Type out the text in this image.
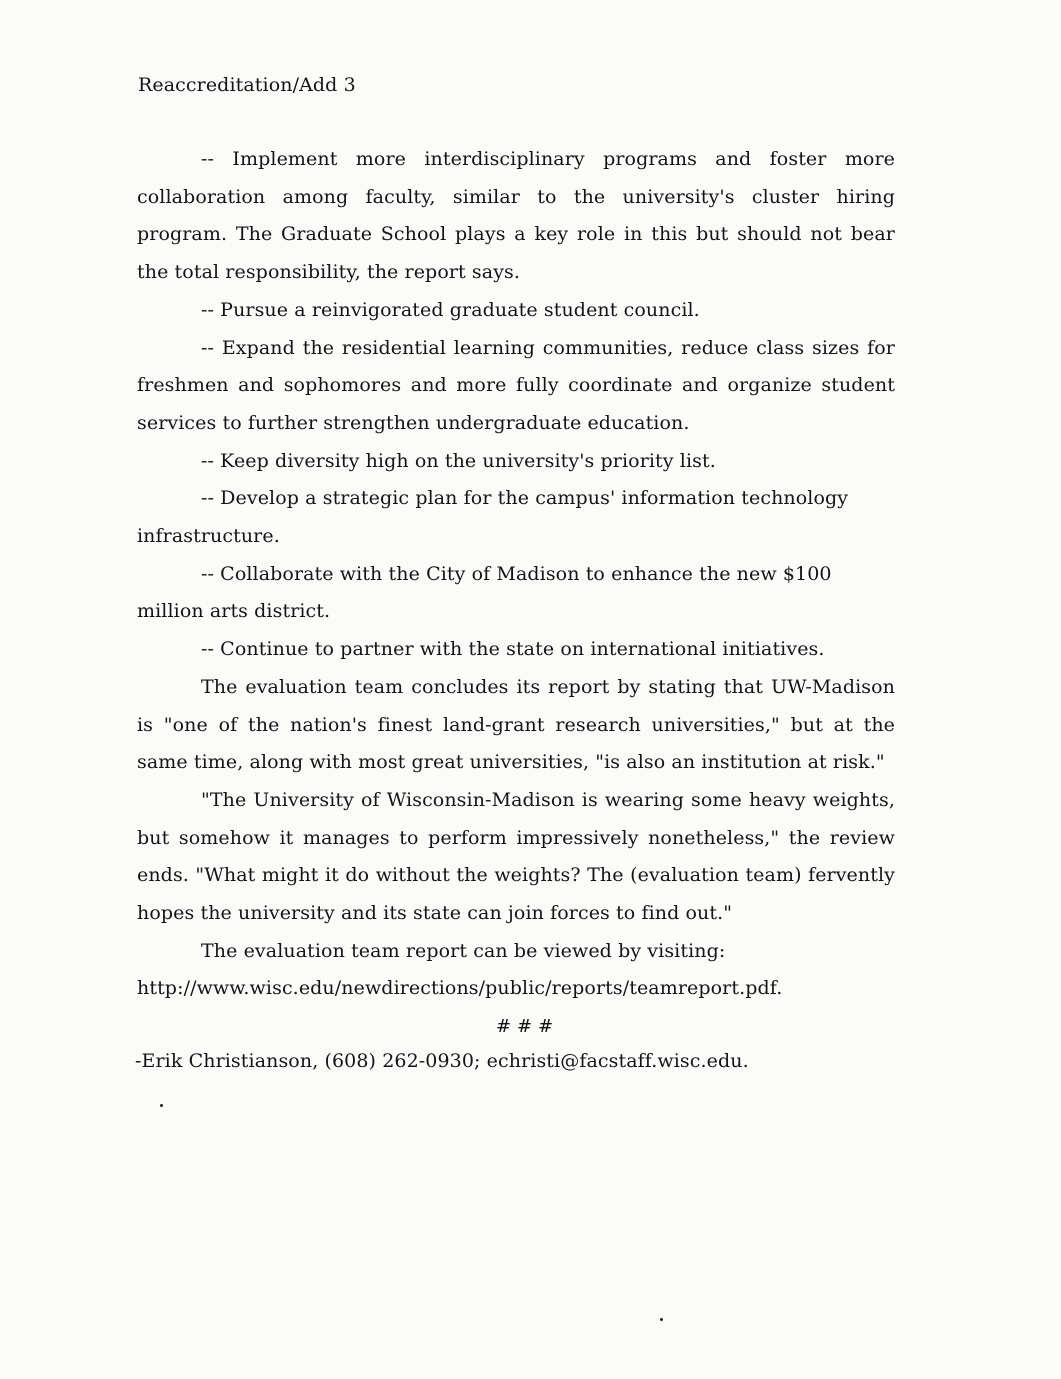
Reaccreditation/Add 3

-- Implement more interdisciplinary programs and foster more collaboration among faculty, similar to the university's cluster hiring program. The Graduate School plays a key role in this but should not bear the total responsibility, the report says.

-- Pursue a reinvigorated graduate student council.

-- Expand the residential learning communities, reduce class sizes for freshmen and sophomores and more fully coordinate and organize student services to further strengthen undergraduate education.

-- Keep diversity high on the university's priority list.

-- Develop a strategic plan for the campus' information technology infrastructure.

-- Collaborate with the City of Madison to enhance the new $100 million arts district.

-- Continue to partner with the state on international initiatives.

The evaluation team concludes its report by stating that UW-Madison is "one of the nation's finest land-grant research universities," but at the same time, along with most great universities, "is also an institution at risk."

"The University of Wisconsin-Madison is wearing some heavy weights, but somehow it manages to perform impressively nonetheless," the review ends. "What might it do without the weights? The (evaluation team) fervently hopes the university and its state can join forces to find out."

The evaluation team report can be viewed by visiting:

http://www.wisc.edu/newdirections/public/reports/teamreport.pdf.

# # #
-Erik Christianson, (608) 262-0930; echristi@facstaff.wisc.edu.
